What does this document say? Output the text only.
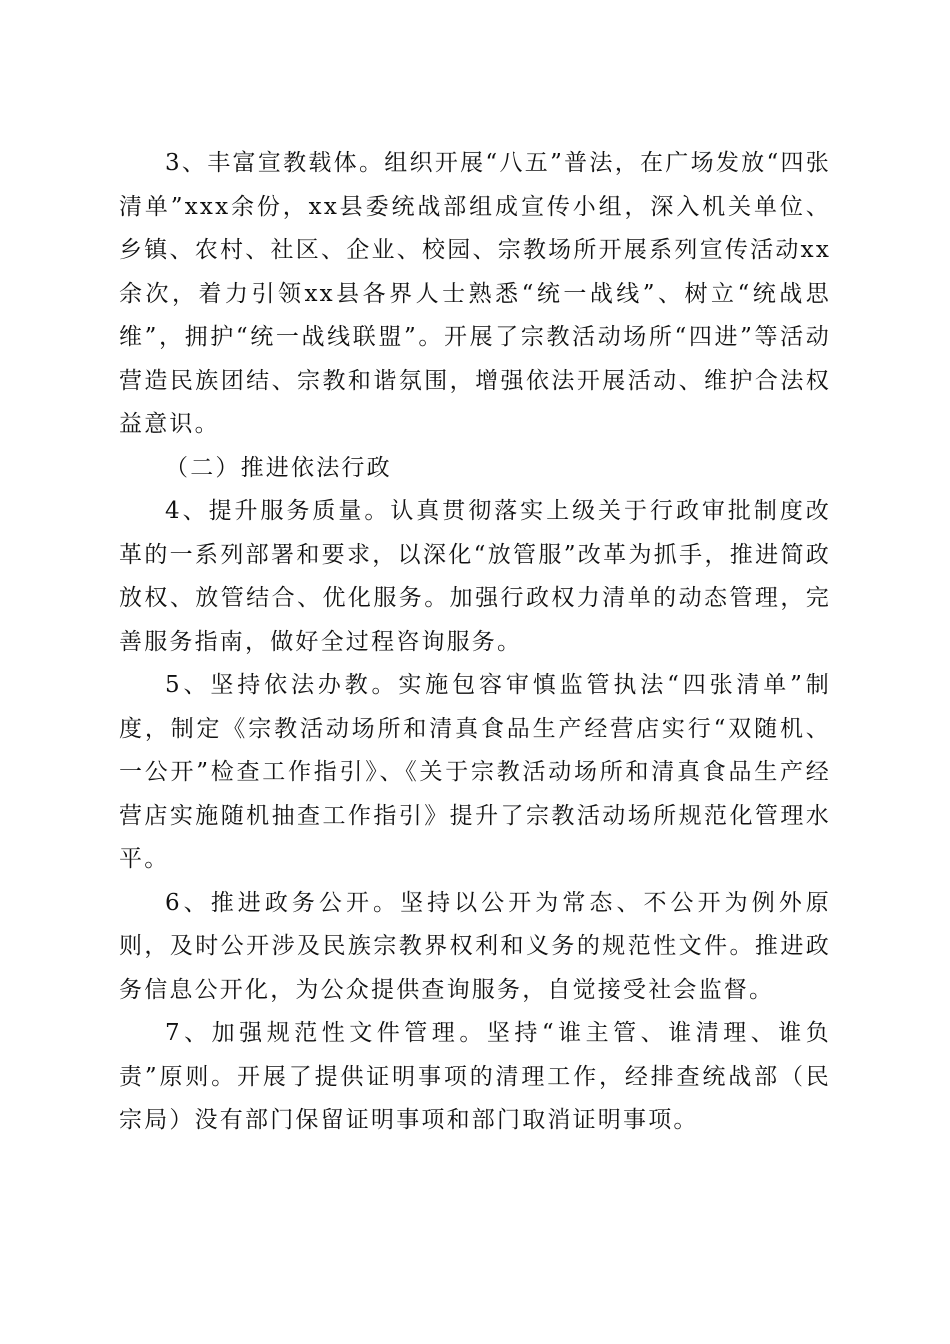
3、丰富宣教载体。组织开展“八五”普法，在广场发放“四张清单”xxx余份，xx县委统战部组成宣传小组，深入机关单位、乡镇、农村、社区、企业、校园、宗教场所开展系列宣传活动xx余次，着力引领xx县各界人士熟悉“统一战线”、树立“统战思维”，拥护“统一战线联盟”。开展了宗教活动场所“四进”等活动营造民族团结、宗教和谐氛围，增强依法开展活动、维护合法权益意识。

（二）推进依法行政

4、提升服务质量。认真贯彻落实上级关于行政审批制度改革的一系列部署和要求，以深化“放管服”改革为抓手，推进简政放权、放管结合、优化服务。加强行政权力清单的动态管理，完善服务指南，做好全过程咨询服务。

5、坚持依法办教。实施包容审慎监管执法“四张清单”制度，制定《宗教活动场所和清真食品生产经营店实行“双随机、一公开”检查工作指引》、《关于宗教活动场所和清真食品生产经营店实施随机抽查工作指引》提升了宗教活动场所规范化管理水平。

6、推进政务公开。坚持以公开为常态、不公开为例外原则，及时公开涉及民族宗教界权利和义务的规范性文件。推进政务信息公开化，为公众提供查询服务，自觉接受社会监督。

7、加强规范性文件管理。坚持“谁主管、谁清理、谁负责”原则。开展了提供证明事项的清理工作，经排查统战部（民宗局）没有部门保留证明事项和部门取消证明事项。
